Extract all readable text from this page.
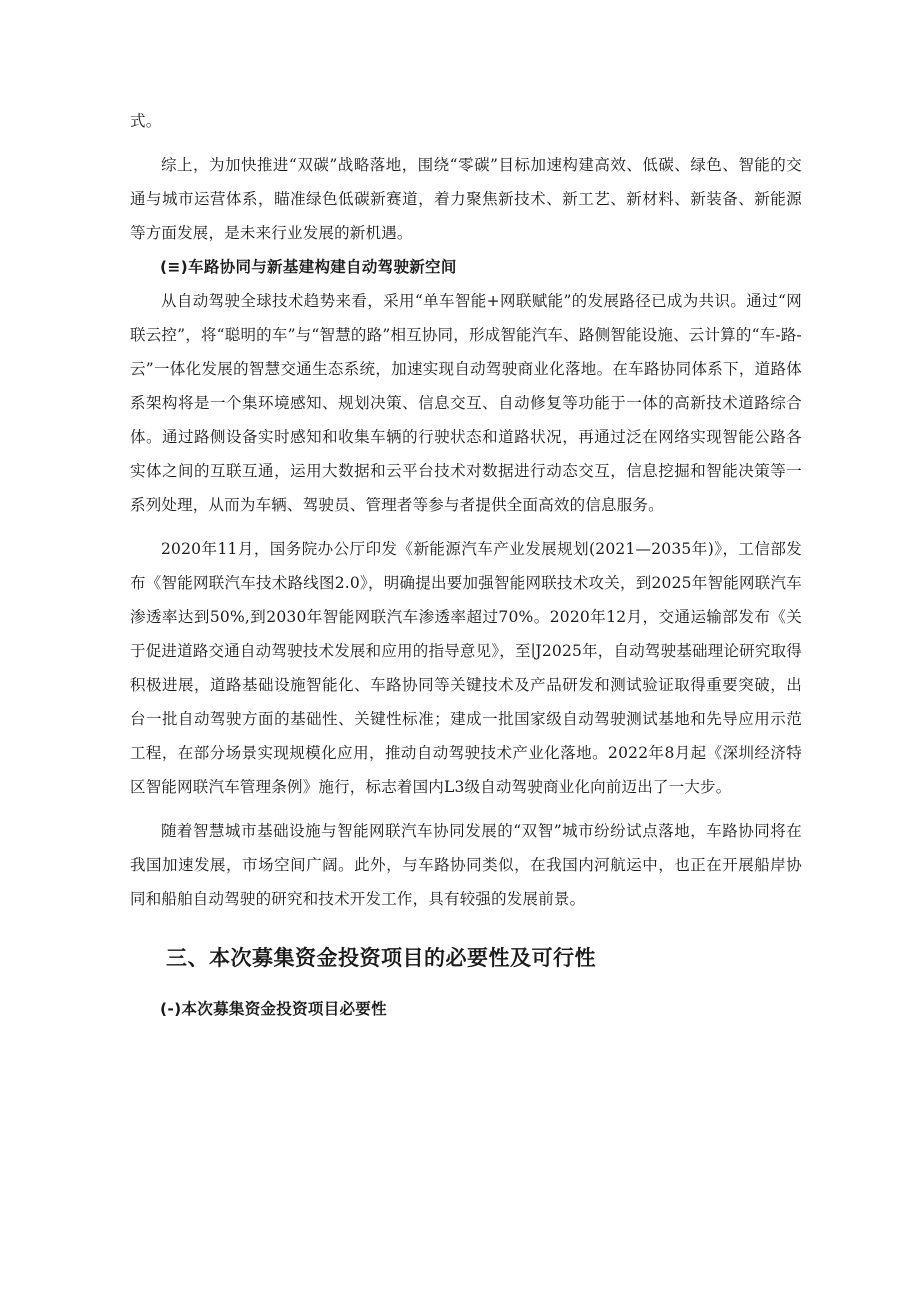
式。

综上，为加快推进“双碳”战略落地，围绕“零碳”目标加速构建高效、低碳、绿色、智能的交通与城市运营体系，瞄准绿色低碳新赛道，着力聚焦新技术、新工艺、新材料、新装备、新能源等方面发展，是未来行业发展的新机遇。

(≡)车路协同与新基建构建自动驾驶新空间

从自动驾驶全球技术趋势来看，采用“单车智能+网联赋能”的发展路径已成为共识。通过“网联云控”，将“聪明的车”与“智慧的路”相互协同，形成智能汽车、路侧智能设施、云计算的“车-路-云”一体化发展的智慧交通生态系统，加速实现自动驾驶商业化落地。在车路协同体系下，道路体系架构将是一个集环境感知、规划决策、信息交互、自动修复等功能于一体的高新技术道路综合体。通过路侧设备实时感知和收集车辆的行驶状态和道路状况，再通过泛在网络实现智能公路各实体之间的互联互通，运用大数据和云平台技术对数据进行动态交互，信息挖掘和智能决策等一系列处理，从而为车辆、驾驶员、管理者等参与者提供全面高效的信息服务。

2020年11月，国务院办公厅印发《新能源汽车产业发展规划(2021—2035年)》，工信部发布《智能网联汽车技术路线图2.0》，明确提出要加强智能网联技术攻关，到2025年智能网联汽车渗透率达到50%,到2030年智能网联汽车渗透率超过70%。2020年12月，交通运输部发布《关于促进道路交通自动驾驶技术发展和应用的指导意见》，至∣J2025年，自动驾驶基础理论研究取得积极进展，道路基础设施智能化、车路协同等关键技术及产品研发和测试验证取得重要突破，出台一批自动驾驶方面的基础性、关键性标准；建成一批国家级自动驾驶测试基地和先导应用示范工程，在部分场景实现规模化应用，推动自动驾驶技术产业化落地。2022年8月起《深圳经济特区智能网联汽车管理条例》施行，标志着国内L3级自动驾驶商业化向前迈出了一大步。

随着智慧城市基础设施与智能网联汽车协同发展的“双智”城市纷纷试点落地，车路协同将在我国加速发展，市场空间广阔。此外，与车路协同类似，在我国内河航运中，也正在开展船岸协同和船舶自动驾驶的研究和技术开发工作，具有较强的发展前景。

三、本次募集资金投资项目的必要性及可行性
(-)本次募集资金投资项目必要性
